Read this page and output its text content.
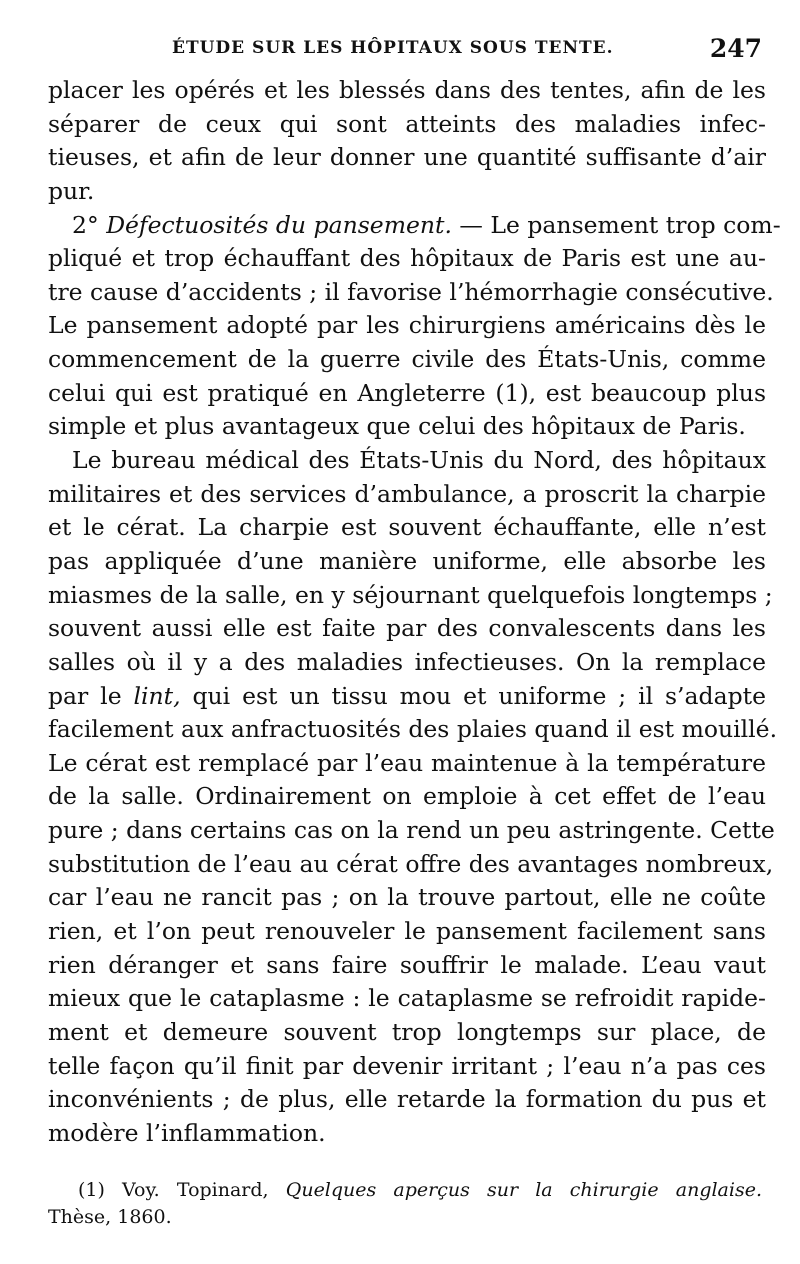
ÉTUDE SUR LES HÔPITAUX SOUS TENTE.	247
placer les opérés et les blessés dans des tentes, afin de les
séparer de ceux qui sont atteints des maladies infec-
tieuses, et afin de leur donner une quantité suffisante d’air
pur.
2° Défectuosités du pansement. — Le pansement trop com-
pliqué et trop échauffant des hôpitaux de Paris est une au-
tre cause d’accidents ; il favorise l’hémorrhagie consécutive.
Le pansement adopté par les chirurgiens américains dès le
commencement de la guerre civile des États-Unis, comme
celui qui est pratiqué en Angleterre (1), est beaucoup plus
simple et plus avantageux que celui des hôpitaux de Paris.
Le bureau médical des États-Unis du Nord, des hôpitaux
militaires et des services d’ambulance, a proscrit la charpie
et le cérat. La charpie est souvent échauffante, elle n’est
pas appliquée d’une manière uniforme, elle absorbe les
miasmes de la salle, en y séjournant quelquefois longtemps ;
souvent aussi elle est faite par des convalescents dans les
salles où il y a des maladies infectieuses. On la remplace
par le lint, qui est un tissu mou et uniforme ; il s’adapte
facilement aux anfractuosités des plaies quand il est mouillé.
Le cérat est remplacé par l’eau maintenue à la température
de la salle. Ordinairement on emploie à cet effet de l’eau
pure ; dans certains cas on la rend un peu astringente. Cette
substitution de l’eau au cérat offre des avantages nombreux,
car l’eau ne rancit pas ; on la trouve partout, elle ne coûte
rien, et l’on peut renouveler le pansement facilement sans
rien déranger et sans faire souffrir le malade. L’eau vaut
mieux que le cataplasme : le cataplasme se refroidit rapide-
ment et demeure souvent trop longtemps sur place, de
telle façon qu’il finit par devenir irritant ; l’eau n’a pas ces
inconvénients ; de plus, elle retarde la formation du pus et
modère l’inflammation.
(1) Voy. Topinard, Quelques aperçus sur la chirurgie anglaise.
Thèse, 1860.
